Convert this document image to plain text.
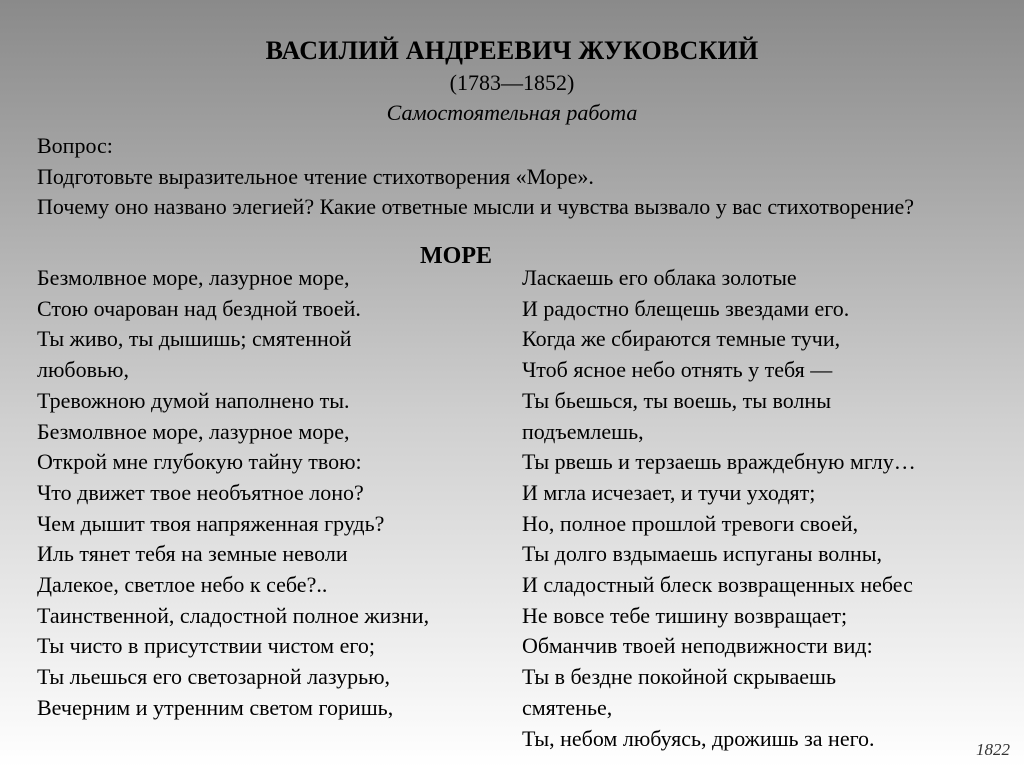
ВАСИЛИЙ АНДРЕЕВИЧ ЖУКОВСКИЙ
(1783—1852)
Самостоятельная работа
Вопрос:
Подготовьте выразительное чтение стихотворения «Море».
Почему оно названо элегией? Какие ответные мысли и чувства вызвало у вас стихотворение?
МОРЕ
Безмолвное море, лазурное море,
Стою очарован над бездной твоей.
Ты живо, ты дышишь; смятенной
любовью,
Тревожною думой наполнено ты.
Безмолвное море, лазурное море,
Открой мне глубокую тайну твою:
Что движет твое необъятное лоно?
Чем дышит твоя напряженная грудь?
Иль тянет тебя на земные неволи
Далекое, светлое небо к себе?..
Таинственной, сладостной полное жизни,
Ты чисто в присутствии чистом его;
Ты льешься его светозарной лазурью,
Вечерним и утренним светом горишь,
Ласкаешь его облака золотые
И радостно блещешь звездами его.
Когда же сбираются темные тучи,
Чтоб ясное небо отнять у тебя —
Ты бьешься, ты воешь, ты волны
подъемлешь,
Ты рвешь и терзаешь враждебную мглу…
И мгла исчезает, и тучи уходят;
Но, полное прошлой тревоги своей,
Ты долго вздымаешь испуганы волны,
И сладостный блеск возвращенных небес
Не вовсе тебе тишину возвращает;
Обманчив твоей неподвижности вид:
Ты в бездне покойной скрываешь
смятенье,
Ты, небом любуясь, дрожишь за него.	1822
